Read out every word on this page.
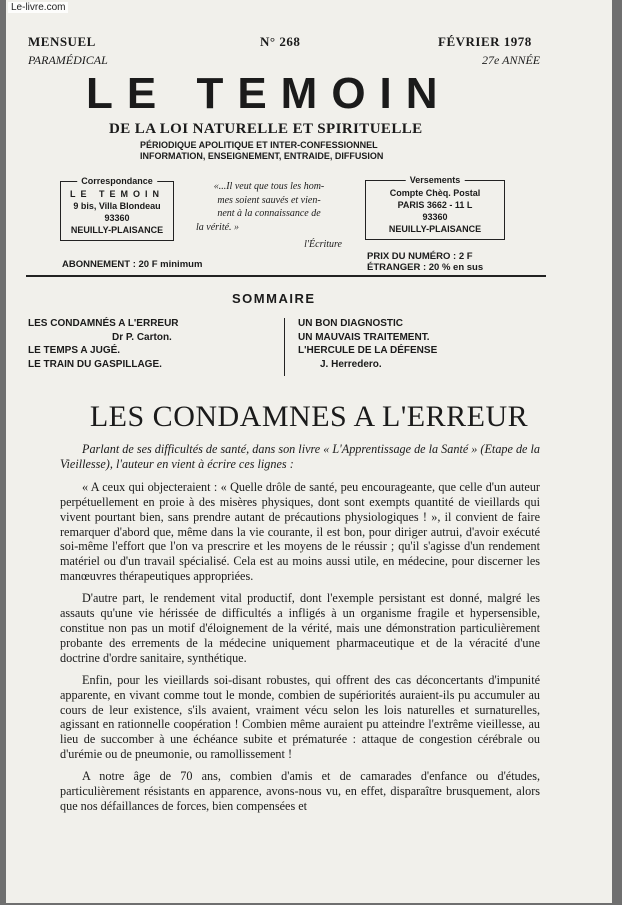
Le-livre.com
MENSUEL	N° 268	FÉVRIER 1978
PARAMÉDICAL	27e ANNÉE
LE TEMOIN
DE LA LOI NATURELLE ET SPIRITUELLE
PÉRIODIQUE APOLITIQUE ET INTER-CONFESSIONNEL
INFORMATION, ENSEIGNEMENT, ENTRAIDE, DIFFUSION
Correspondance
LE TEMOIN
9 bis, Villa Blondeau
93360
NEUILLY-PLAISANCE
«...Il veut que tous les hom-
mes soient sauvés et vien-
nent à la connaissance de
la vérité. »
l'Écriture
Versements
Compte Chèq. Postal
PARIS 3662 - 11 L
93360
NEUILLY-PLAISANCE
ABONNEMENT : 20 F minimum
PRIX DU NUMÉRO : 2 F
ÉTRANGER : 20 % en sus
SOMMAIRE
LES CONDAMNÉS A L'ERREUR
Dr P. Carton.
LE TEMPS A JUGÉ.
LE TRAIN DU GASPILLAGE.
UN BON DIAGNOSTIC
UN MAUVAIS TRAITEMENT.
L'HERCULE DE LA DÉFENSE
J. Herredero.
LES CONDAMNES A L'ERREUR

Parlant de ses difficultés de santé, dans son livre « L'Apprentissage de la Santé » (Etape de la Vieillesse), l'auteur en vient à écrire ces lignes :

« A ceux qui objecteraient : « Quelle drôle de santé, peu encourageante, que celle d'un auteur perpétuellement en proie à des misères physiques, dont sont exempts quantité de vieillards qui vivent pourtant bien, sans prendre autant de précautions physiologiques ! », il convient de faire remarquer d'abord que, même dans la vie courante, il est bon, pour diriger autrui, d'avoir exécuté soi-même l'effort que l'on va prescrire et les moyens de le réussir ; qu'il s'agisse d'un rendement matériel ou d'un travail spécialisé. Cela est au moins aussi utile, en médecine, pour discerner les manœuvres thérapeutiques appropriées.

D'autre part, le rendement vital productif, dont l'exemple persistant est donné, malgré les assauts qu'une vie hérissée de difficultés a infligés à un organisme fragile et hypersensible, constitue non pas un motif d'éloignement de la vérité, mais une démonstration particulièrement probante des errements de la médecine uniquement pharmaceutique et de la véracité d'une doctrine d'ordre sanitaire, synthétique.

Enfin, pour les vieillards soi-disant robustes, qui offrent des cas déconcertants d'impunité apparente, en vivant comme tout le monde, combien de supériorités auraient-ils pu accumuler au cours de leur existence, s'ils avaient, vraiment vécu selon les lois naturelles et surnaturelles, agissant en rationnelle coopération ! Combien même auraient pu atteindre l'extrême vieillesse, au lieu de succomber à une échéance subite et prématurée : attaque de congestion cérébrale ou d'urémie ou de pneumonie, ou ramollissement !

A notre âge de 70 ans, combien d'amis et de camarades d'enfance ou d'études, particulièrement résistants en apparence, avons-nous vu, en effet, disparaître brusquement, alors que nos défaillances de forces, bien compensées et
